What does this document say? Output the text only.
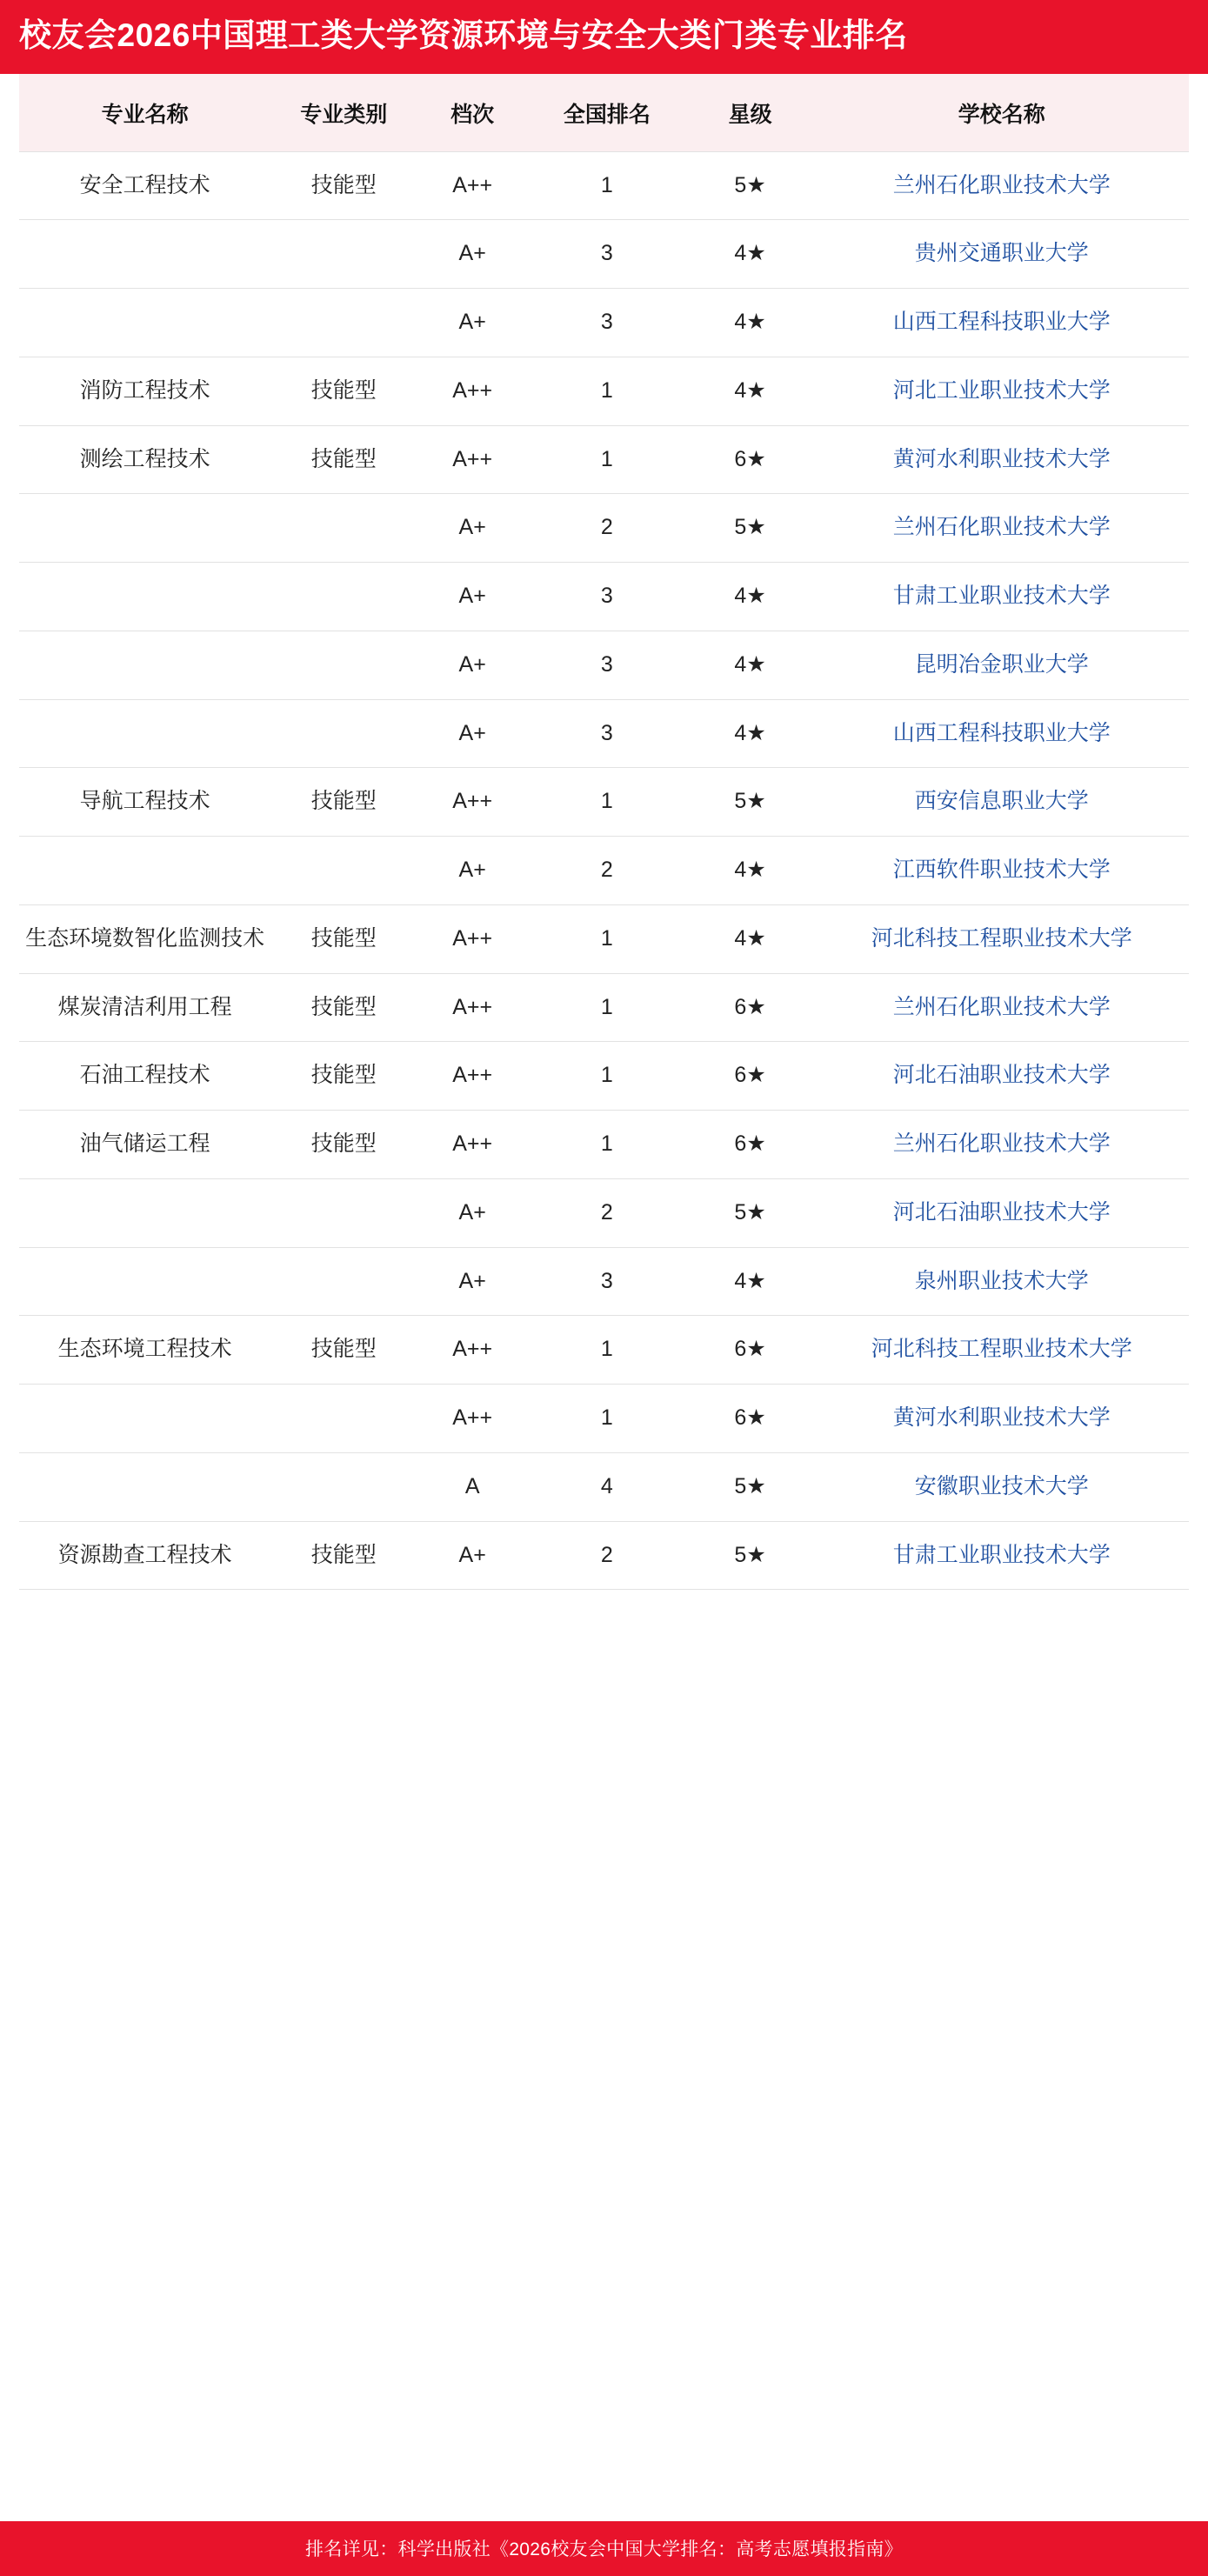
校友会2026中国理工类大学资源环境与安全大类门类专业排名
专业名称	专业类别	档次	全国排名	星级	学校名称
安全工程技术	技能型	A++	1	5★	兰州石化职业技术大学
		A+	3	4★	贵州交通职业大学
		A+	3	4★	山西工程科技职业大学
消防工程技术	技能型	A++	1	4★	河北工业职业技术大学
测绘工程技术	技能型	A++	1	6★	黄河水利职业技术大学
		A+	2	5★	兰州石化职业技术大学
		A+	3	4★	甘肃工业职业技术大学
		A+	3	4★	昆明冶金职业大学
		A+	3	4★	山西工程科技职业大学
导航工程技术	技能型	A++	1	5★	西安信息职业大学
		A+	2	4★	江西软件职业技术大学
生态环境数智化监测技术	技能型	A++	1	4★	河北科技工程职业技术大学
煤炭清洁利用工程	技能型	A++	1	6★	兰州石化职业技术大学
石油工程技术	技能型	A++	1	6★	河北石油职业技术大学
油气储运工程	技能型	A++	1	6★	兰州石化职业技术大学
		A+	2	5★	河北石油职业技术大学
		A+	3	4★	泉州职业技术大学
生态环境工程技术	技能型	A++	1	6★	河北科技工程职业技术大学
		A++	1	6★	黄河水利职业技术大学
		A	4	5★	安徽职业技术大学
资源勘查工程技术	技能型	A+	2	5★	甘肃工业职业技术大学
排名详见：科学出版社《2026校友会中国大学排名：高考志愿填报指南》
